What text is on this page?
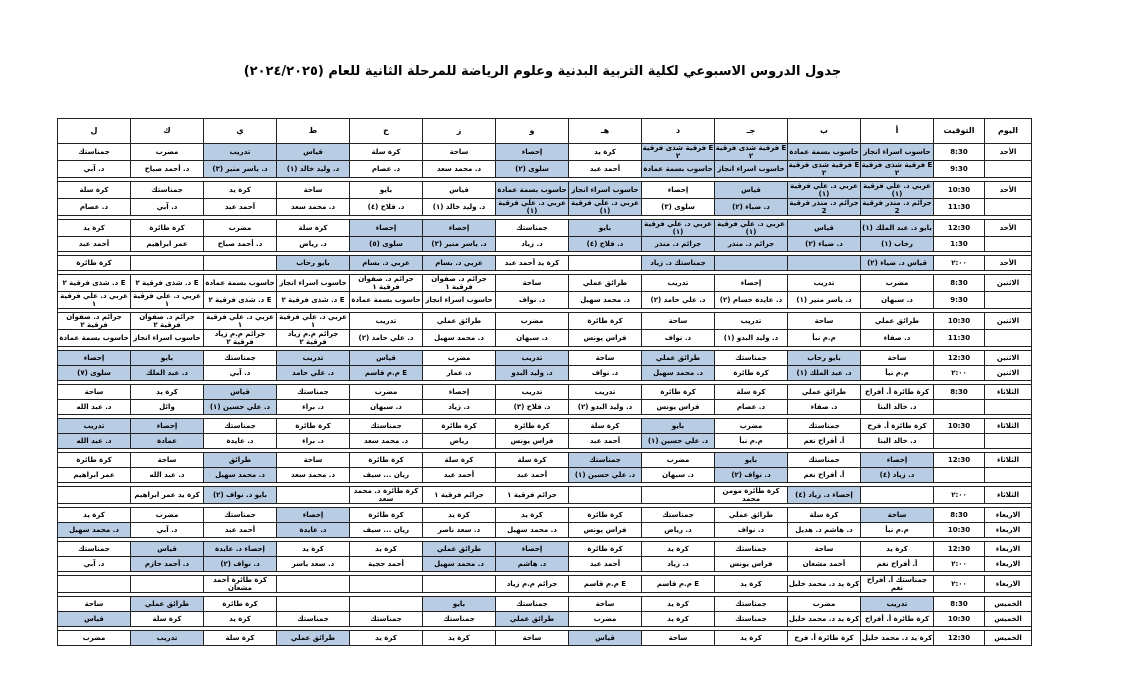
جدول الدروس الاسبوعي لكلية التربية البدنية وعلوم الرياضة للمرحلة الثانية للعام (٢٠٢٤/٢٠٢٥)
اليوم	التوقيت	أ	ب	جـ	د	هـ	و	ز	ح	ط	ي	ك	ل
الأحد	8:30	حاسوب اسراء انجاز	حاسوب بسمة عمادة	E فرقية شذى فرقية ٢	E فرقية شذى فرقية ٢	كرة يد	إحصاء	ساحة	كرة سلة	قياس	تدريب	مضرب	جمناستك
	9:30	E فرقية شذى فرقية ٢	E فرقية شذى فرقية ٢	حاسوب اسراء انجاز	حاسوب بسمة عمادة	أحمد عبد	سلوى (٢)	د. محمد سعد	د. عصام	د. وليد خالد (١)	د. ياسر منير (٣)	د. أحمد صباح	د. آبي

الأحد	10:30	عربي د. علي فرقية (١)	عربي د. علي فرقية (١)	قياس	إحصاء	حاسوب اسراء انجاز	حاسوب بسمة عمادة	قياس	بايو	ساحة	كرة يد	جمناستك	كرة سلة
	11:30	جرائم د. منذر فرقية 2	جرائم د. منذر فرقية 2	د. ضياء (٢)	سلوى (٣)	عربي د. علي فرقية (١)	عربي د. علي فرقية (١)	د. وليد خالد (١)	د. فلاح (٤)	د. محمد سعد	أحمد عبد	د. آبي	د. عصام

الأحد	12:30	بايو د. عبد الملك (١)	قياس	عربي د. علي فرقية (١)	عربي د. علي فرقية (١)	بايو	جمناستك	إحصاء	إحصاء	كرة سلة	مضرب	كرة طائرة	كرة يد
	1:30	رحاب (١)	د. ضياء (٢)	جرائم د. منذر	جرائم د. منذر	د. فلاح (٤)	د. زياد	د. ياسر منير (٣)	سلوى (٥)	د. رياض	د. أحمد صباح	عمر ابراهيم	أحمد عبد

الأحد	٢:٠٠	قياس د. ضياء (٢)			جمناستك د. زياد		كرة يد أحمد عبد	عربي د. بسام	عربي د. بسام	بايو رحاب			كرة طائرة

الاثنين	8:30	مضرب	تدريب	إحصاء	تدريب	طرائق عملي	ساحة	جرائم د. صفوان فرقية ١	جرائم د. صفوان فرقية ١	حاسوب اسراء انجاز	حاسوب بسمة عمادة	E د. شذى فرقية ٢	E د. شذى فرقية ٢
	9:30	د. سبهان	د. ياسر منير (١)	د. عايدة حسام (٢)	د. علي حامد (٢)	د. محمد سهيل	د. نواف	حاسوب اسراء انجاز	حاسوب بسمة عمادة	E د. شذى فرقية ٢	E د. شذى فرقية ٢	عربي د. علي فرقية ١	عربي د. علي فرقية ١

الاثنين	10:30	طرائق عملي	ساحة	تدريب	ساحة	كرة طائرة	مضرب	طرائق عملي	تدريب	عربي د. علي فرقية ١	عربي د. علي فرقية ١	جرائم د. صفوان فرقية ٢	جرائم د. صفوان فرقية ٢
	11:30	د. صفاء	م.م نبأ	د. وليد البدو (١)	د. نواف	فراس يونس	د. سبهان	د. محمد سهيل	د. علي حامد (٢)	جرائم م.م زياد فرقية ٢	جرائم م.م زياد فرقية ٢	حاسوب اسراء انجاز	حاسوب بسمة عمادة

الاثنين	12:30	ساحة	بايو رحاب	جمناستك	طرائق عملي	ساحة	تدريب	مضرب	قياس	تدريب	جمناستك	بايو	إحصاء
الاثنين	٢:٠٠	م.م نبأ	د. عبد الملك (١)	كرة طائرة	د. محمد سهيل	د. نواف	د. وليد البدو	د. عمار	E م.م قاسم	د. علي حامد	د. آبي	د. عبد الملك	سلوى (٧)

الثلاثاء	8:30	كرة طائرة أ. أفراح	طرائق عملي	كرة سلة	كرة طائرة	تدريب	تدريب	إحصاء	مضرب	جمناستك	قياس	كرة يد	ساحة
		د. خالد البنا	د. صفاء	د. عصام	فراس يونس	د. وليد البدو (٢)	د. فلاح (٣)	د. زياد	د. سبهان	د. براء	د. علي حسين (١)	وائل	د. عبد الله

الثلاثاء	10:30	كرة طائرة أ. فرح	جمناستك	مضرب	بايو	كرة سلة	كرة طائرة	كرة طائرة	جمناستك	كرة طائرة	جمناستك	إحصاء	تدريب
		د. خالد البنا	أ. أفراح نغم	م.م نبأ	د. علي حسين (١)	أحمد عبد	فراس يونس	رياض	د. محمد سعد	د. براء	د. عايدة	عمادة	د. عبد الله

الثلاثاء	12:30	إحصاء	جمناستك	بايو	مضرب	جمناستك	كرة سلة	كرة سلة	كرة طائرة	ساحة	طرائق	ساحة	كرة طائرة
		د. زياد (٤)	أ. أفراح نغم	د. نواف (٢)	د. سبهان	د. علي حسين (١)	أحمد عبد	أحمد عبد	ريان ... سيف	د. محمد سعد	د. محمد سهيل	د. عبد الله	عمر ابراهيم

الثلاثاء	٢:٠٠		إحصاء د. زياد (٤)	كرة طائرة مومن محمد			جرائم فرقية ١	جرائم فرقية ١	كرة طائرة د. محمد سعد		بايو د. نواف (٢)	كرة يد عمر ابراهيم	

الاربعاء	8:30	ساحة	كرة سلة	طرائق عملي	جمناستك	كرة طائرة	كرة يد	كرة يد	كرة طائرة	إحصاء	جمناستك	مضرب	كرة يد
الاربعاء	10:30	م.م نبأ	د. هاشم د. هديل	د. نواف	د. رياض	فراس يونس	د. محمد سهيل	د. سعد ناصر	ريان ... سيف	د. عايدة	أحمد عبد	د. آبي	د. محمد سهيل

الاربعاء	12:30	كرة يد	ساحة	جمناستك	كرة يد	كرة طائرة	إحصاء	طرائق عملي	كرة يد	كرة يد	إحصاء د. عايدة	قياس	جمناستك
الاربعاء	٢:٠٠	أ. أفراح نغم	أحمد مشعان	فراس يونس	د. زياد	أحمد عبد	د. هاشم	د. محمد سهيل	أحمد حجية	د. سعد ياسر	د. نواف (٢)	د. أحمد حازم	د. آبي

الاربعاء	٢:٠٠	جمناستك أ. أفراح نغم	كرة يد د. محمد خليل	كرة يد	E م.م قاسم	E م.م قاسم	جرائم م.م زياد				كرة طائرة أحمد مشعان		

الخميس	8:30	تدريب	مضرب	جمناستك	كرة يد	ساحة	جمناستك	بايو			كرة طائرة	طرائق عملي	ساحة
الخميس	10:30	كرة طائرة أ. أفراح	كرة يد د. محمد خليل	جمناستك	كرة يد	مضرب	طرائق عملي	جمناستك	جمناستك	جمناستك	كرة يد	كرة سلة	قياس

الخميس	12:30	كرة يد د. محمد خليل	كرة طائرة أ. فرح	كرة يد	ساحة	قياس	ساحة	كرة يد	كرة يد	طرائق عملي	كرة سلة	تدريب	مضرب
